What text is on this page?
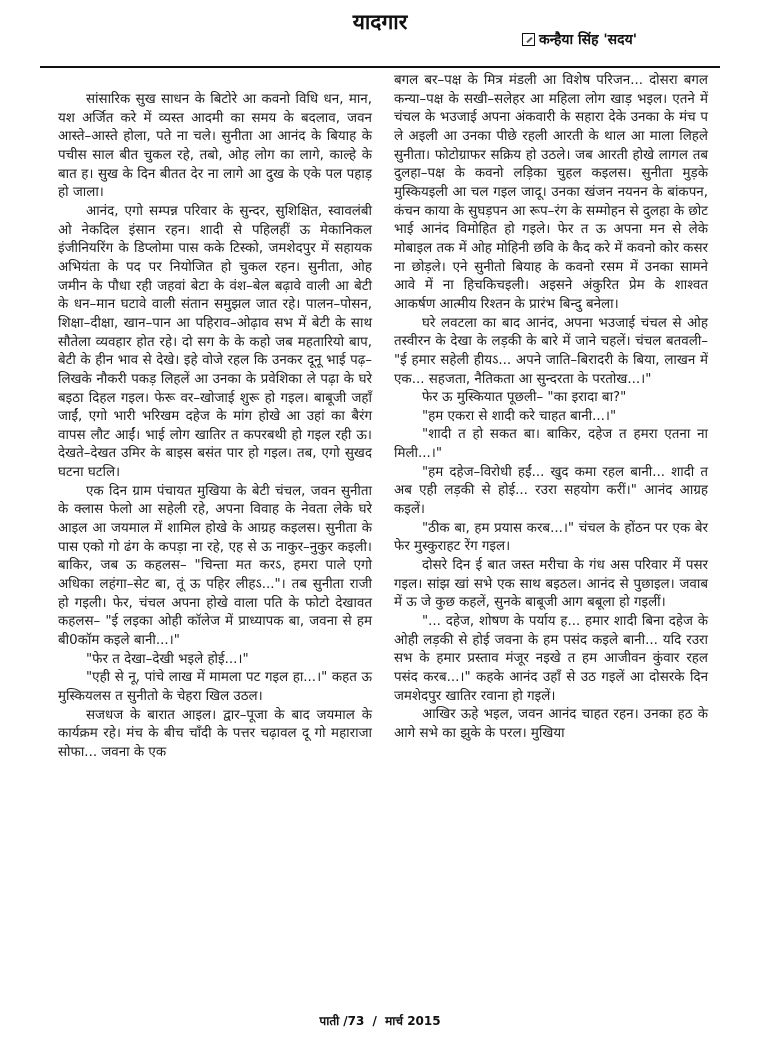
यादगार
कन्हैया सिंह 'सदय'

सांसारिक सुख साधन के बिटोरे आ कवनो विधि धन, मान, यश अर्जित करे में व्यस्त आदमी का समय के बदलाव, जवन आस्ते–आस्ते होला, पते ना चले। सुनीता आ आनंद के बियाह के पचीस साल बीत चुकल रहे, तबो, ओह लोग का लागे, काल्हे के बात ह। सुख के दिन बीतत देर ना लागे आ दुख के एके पल पहाड़ हो जाला।

आनंद, एगो सम्पन्न परिवार के सुन्दर, सुशिक्षित, स्वावलंबी ओ नेकदिल इंसान रहन। शादी से पहिलहीं ऊ मेकानिकल इंजीनियरिंग के डिप्लोमा पास कके टिस्को, जमशेदपुर में सहायक अभियंता के पद पर नियोजित हो चुकल रहन। सुनीता, ओह जमीन के पौधा रही जहवां बेटा के वंश–बेल बढ़ावे वाली आ बेटी के धन–मान घटावे वाली संतान समुझल जात रहे। पालन–पोसन, शिक्षा–दीक्षा, खान–पान आ पहिराव–ओढ़ाव सभ में बेटी के साथ सौतेला व्यवहार होत रहे। दो सग के के कहो जब महतारियो बाप, बेटी के हीन भाव से देखे। इहे वोजे रहल कि उनकर दूनू भाई पढ़–लिखके नौकरी पकड़ लिहलें आ उनका के प्रवेशिका ले पढ़ा के घरे बइठा दिहल गइल। फेरू वर–खोजाई शुरू हो गइल। बाबूजी जहाँ जाईं, एगो भारी भरिखम दहेज के मांग होखे आ उहां का बैरंग वापस लौट आईं। भाई लोग खातिर त कपरबथी हो गइल रही ऊ। देखते–देखत उमिर के बाइस बसंत पार हो गइल। तब, एगो सुखद घटना घटलि।

एक दिन ग्राम पंचायत मुखिया के बेटी चंचल, जवन सुनीता के क्लास फेलो आ सहेली रहे, अपना विवाह के नेवता लेके घरे आइल आ जयमाल में शामिल होखे के आग्रह कइलस। सुनीता के पास एको गो ढंग के कपड़ा ना रहे, एह से ऊ नाकुर–नुकुर कइली। बाकिर, जब ऊ कहलस– "चिन्ता मत करऽ, हमरा पाले एगो अधिका लहंगा–सेट बा, तूं ऊ पहिर लीहऽ..."। तब सुनीता राजी हो गइली। फेर, चंचल अपना होखे वाला पति के फोटो देखावत कहलस– "ई लइका ओही कॉलेज में प्राध्यापक बा, जवना से हम बी0कॉम कइले बानी...।"

"फेर त देखा–देखी भइले होई...।"

"एही से नू, पांचे लाख में मामला पट गइल हा...।" कहत ऊ मुस्कियलस त सुनीतो के चेहरा खिल उठल।

सजधज के बारात आइल। द्वार–पूजा के बाद जयमाल के कार्यक्रम रहे। मंच के बीच चाँदी के पत्तर चढ़ावल दू गो महाराजा सोफा... जवना के एक

बगल बर–पक्ष के मित्र मंडली आ विशेष परिजन... दोसरा बगल कन्या–पक्ष के सखी–सलेहर आ महिला लोग खाड़ भइल। एतने में चंचल के भउजाई अपना अंकवारी के सहारा देके उनका के मंच प ले अइली आ उनका पीछे रहली आरती के थाल आ माला लिहले सुनीता। फोटोग्राफर सक्रिय हो उठले। जब आरती होखे लागल तब दुलहा–पक्ष के कवनो लड़िका चुहल कइलस। सुनीता मुड़के मुस्कियइली आ चल गइल जादू। उनका खंजन नयनन के बांकपन, कंचन काया के सुघड़पन आ रूप–रंग के सम्मोहन से दुलहा के छोट भाई आनंद विमोहित हो गइले। फेर त ऊ अपना मन से लेके मोबाइल तक में ओह मोहिनी छवि के कैद करे में कवनो कोर कसर ना छोड़ले। एने सुनीतो बियाह के कवनो रसम में उनका सामने आवे में ना हिचकिचइली। अइसने अंकुरित प्रेम के शाश्वत आकर्षण आत्मीय रिश्तन के प्रारंभ बिन्दु बनेला।

घरे लवटला का बाद आनंद, अपना भउजाई चंचल से ओह तस्वीरन के देखा के लड़की के बारे में जाने चहलें। चंचल बतवली– "ई हमार सहेली हीयऽ... अपने जाति–बिरादरी के बिया, लाखन में एक... सहजता, नैतिकता आ सुन्दरता के परतोख...।"

फेर ऊ मुस्कियात पूछली– "का इरादा बा?"

"हम एकरा से शादी करे चाहत बानी...।"

"शादी त हो सकत बा। बाकिर, दहेज त हमरा एतना ना मिली...।"

"हम दहेज–विरोधी हईं... खुद कमा रहल बानी... शादी त अब एही लड़की से होई... रउरा सहयोग करीं।" आनंद आग्रह कइलें।

"ठीक बा, हम प्रयास करब...।" चंचल के होंठन पर एक बेर फेर मुस्कुराहट रेंग गइल।

दोसरे दिन ई बात जस्त मरीचा के गंध अस परिवार में पसर गइल। सांझ खां सभे एक साथ बइठल। आनंद से पुछाइल। जवाब में ऊ जे कुछ कहलें, सुनके बाबूजी आग बबूला हो गइलीं।

"... दहेज, शोषण के पर्याय ह... हमार शादी बिना दहेज के ओही लड़की से होई जवना के हम पसंद कइले बानी... यदि रउरा सभ के हमार प्रस्ताव मंजूर नइखे त हम आजीवन कुंवार रहल पसंद करब...।" कहके आनंद उहाँ से उठ गइलें आ दोसरके दिन जमशेदपुर खातिर रवाना हो गइलें।

आखिर ऊहे भइल, जवन आनंद चाहत रहन। उनका हठ के आगे सभे का झुके के परल। मुखिया

पाती /73 / मार्च 2015
